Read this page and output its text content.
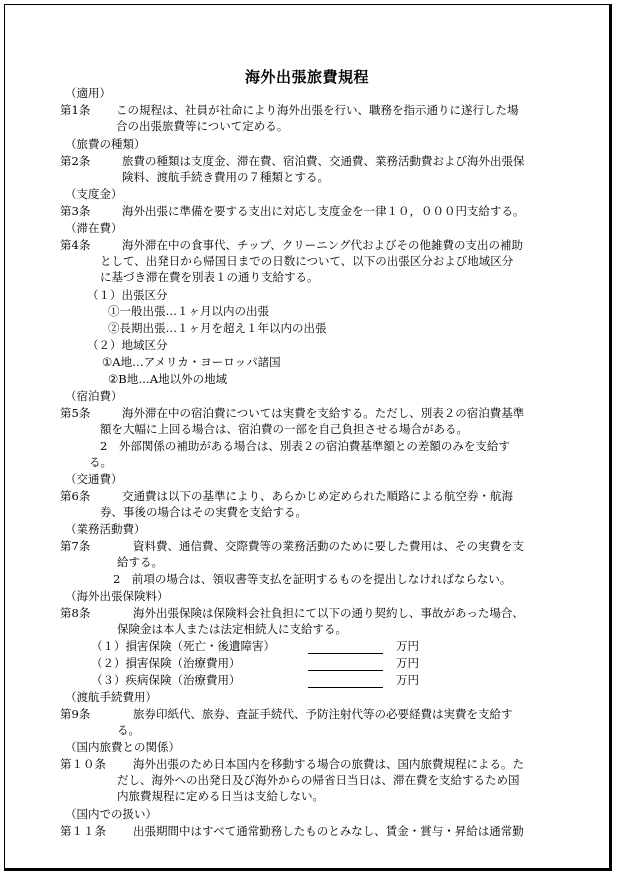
海外出張旅費規程
（適用）
第1条 この規程は、社員が社命により海外出張を行い、職務を指示通りに遂行した場
合の出張旅費等について定める。
（旅費の種類）
第2条	旅費の種類は支度金、滞在費、宿泊費、交通費、業務活動費および海外出張保
険料、渡航手続き費用の７種類とする。
（支度金）
第3条	海外出張に準備を要する支出に対応し支度金を一律１０，０００円支給する。
（滞在費）
第4条	海外滞在中の食事代、チップ、クリーニング代およびその他雑費の支出の補助
として、出発日から帰国日までの日数について、以下の出張区分および地域区分
に基づき滞在費を別表１の通り支給する。
（１）出張区分
①一般出張…１ヶ月以内の出張
②長期出張…１ヶ月を超え１年以内の出張
（２）地域区分
①A地…アメリカ・ヨーロッパ諸国
②B地…A地以外の地域
（宿泊費）
第5条	海外滞在中の宿泊費については実費を支給する。ただし、別表２の宿泊費基準
額を大幅に上回る場合は、宿泊費の一部を自己負担させる場合がある。
2　外部関係の補助がある場合は、別表２の宿泊費基準額との差額のみを支給す
る。
（交通費）
第6条	交通費は以下の基準により、あらかじめ定められた順路による航空券・航海
券、事後の場合はその実費を支給する。
（業務活動費）
第7条	資料費、通信費、交際費等の業務活動のために要した費用は、その実費を支
給する。
2　前項の場合は、領収書等支払を証明するものを提出しなければならない。
（海外出張保険料）
第8条	海外出張保険は保険料会社負担にて以下の通り契約し、事故があった場合、
保険金は本人または法定相続人に支給する。
（１）損害保険（死亡・後遺障害）	万円
（２）損害保険（治療費用）	万円
（３）疾病保険（治療費用）	万円
（渡航手続費用）
第9条	旅券印紙代、旅券、査証手続代、予防注射代等の必要経費は実費を支給す
る。
（国内旅費との関係）
第１０条 海外出張のため日本国内を移動する場合の旅費は、国内旅費規程による。た
だし、海外への出発日及び海外からの帰省日当日は、滞在費を支給するため国
内旅費規程に定める日当は支給しない。
（国内での扱い）
第１１条 出張期間中はすべて通常勤務したものとみなし、賃金・賞与・昇給は通常勤
